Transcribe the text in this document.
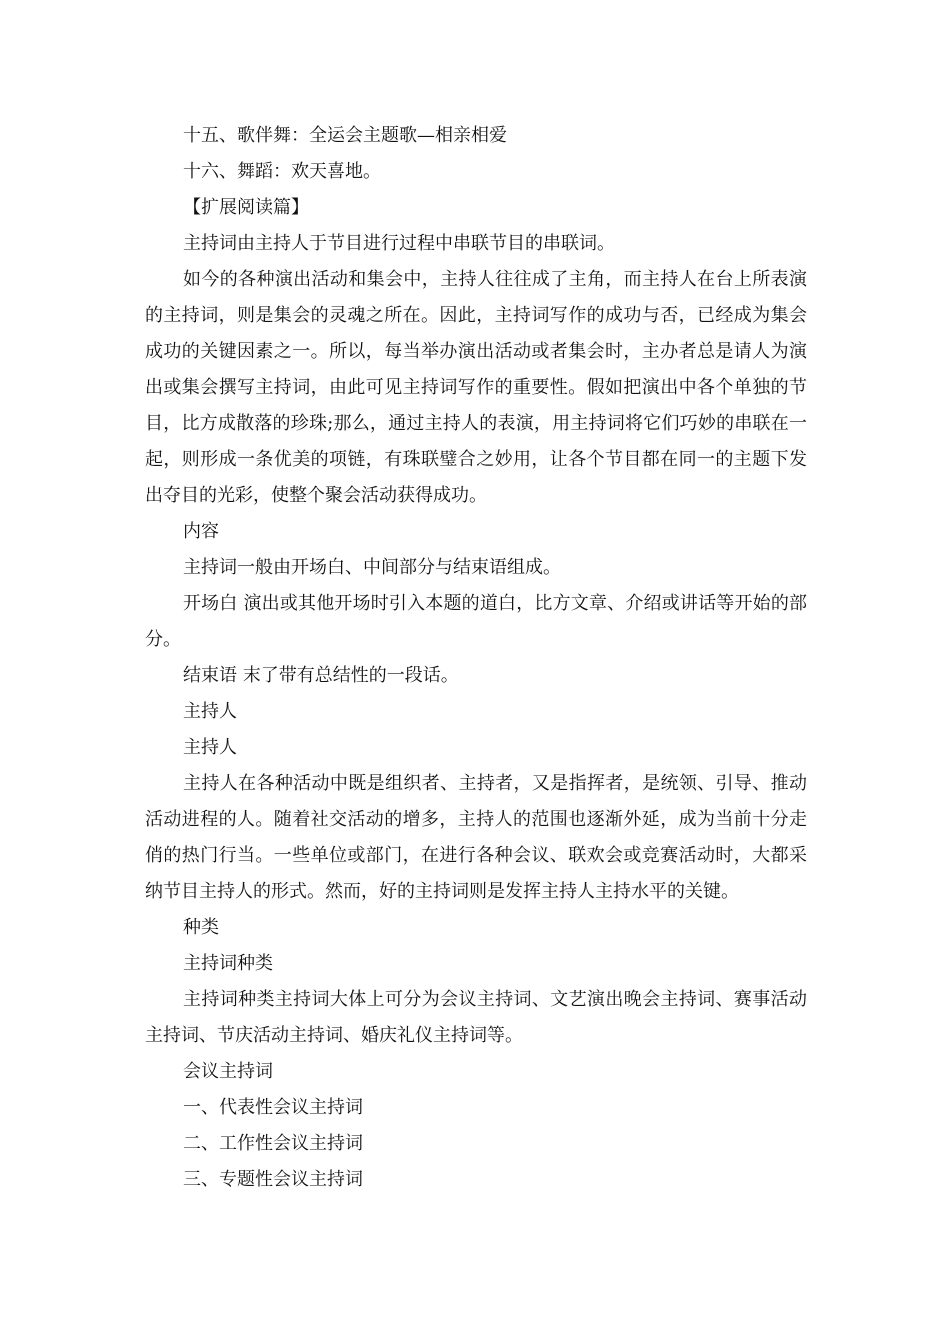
十五、歌伴舞：全运会主题歌—相亲相爱

十六、舞蹈：欢天喜地。

【扩展阅读篇】

主持词由主持人于节目进行过程中串联节目的串联词。

如今的各种演出活动和集会中，主持人往往成了主角，而主持人在台上所表演的主持词，则是集会的灵魂之所在。因此，主持词写作的成功与否，已经成为集会成功的关键因素之一。所以，每当举办演出活动或者集会时，主办者总是请人为演出或集会撰写主持词，由此可见主持词写作的重要性。假如把演出中各个单独的节目，比方成散落的珍珠;那么，通过主持人的表演，用主持词将它们巧妙的串联在一起，则形成一条优美的项链，有珠联璧合之妙用，让各个节目都在同一的主题下发出夺目的光彩，使整个聚会活动获得成功。

内容

主持词一般由开场白、中间部分与结束语组成。

开场白 演出或其他开场时引入本题的道白，比方文章、介绍或讲话等开始的部分。

结束语 末了带有总结性的一段话。

主持人

主持人

主持人在各种活动中既是组织者、主持者，又是指挥者，是统领、引导、推动活动进程的人。随着社交活动的增多，主持人的范围也逐渐外延，成为当前十分走俏的热门行当。一些单位或部门，在进行各种会议、联欢会或竞赛活动时，大都采纳节目主持人的形式。然而，好的主持词则是发挥主持人主持水平的关键。

种类

主持词种类

主持词种类主持词大体上可分为会议主持词、文艺演出晚会主持词、赛事活动主持词、节庆活动主持词、婚庆礼仪主持词等。

会议主持词

一、代表性会议主持词

二、工作性会议主持词

三、专题性会议主持词
